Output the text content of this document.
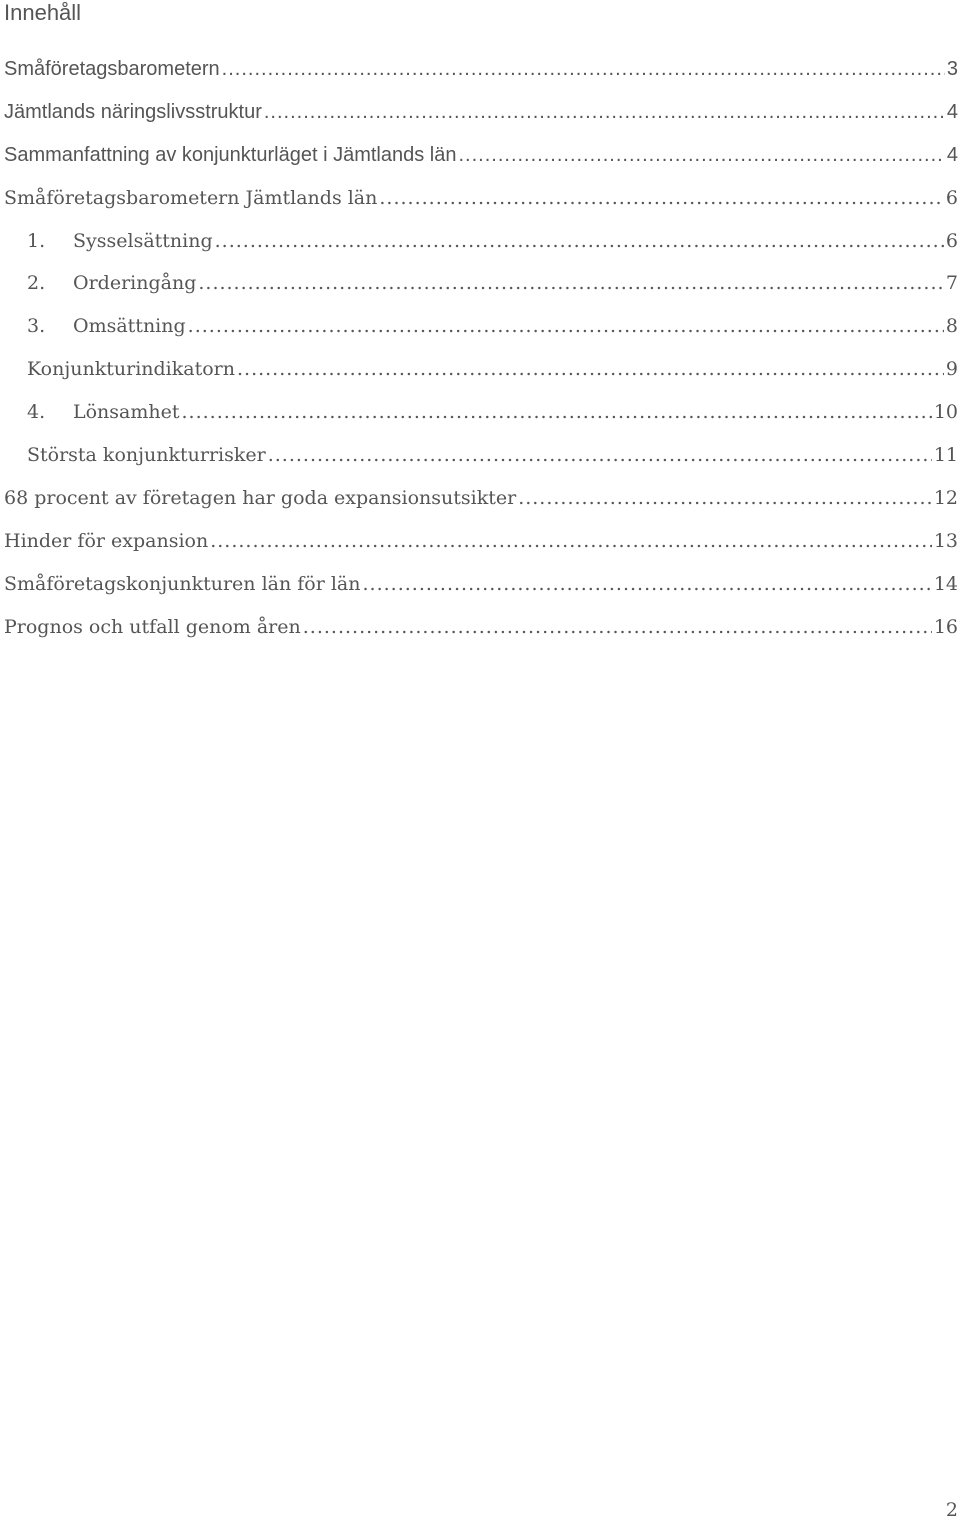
Innehåll
Småföretagsbarometern .....	3
Jämtlands näringslivsstruktur .....	4
Sammanfattning av konjunkturläget i Jämtlands län .....	4
Småföretagsbarometern Jämtlands län .....	6
1.	Sysselsättning .....	6
2.	Orderingång .....	7
3.	Omsättning .....	8
Konjunkturindikatorn .....	9
4.	Lönsamhet .....	10
Största konjunkturrisker .....	11
68 procent av företagen har goda expansionsutsikter .....	12
Hinder för expansion .....	13
Småföretagskonjunkturen län för län .....	14
Prognos och utfall genom åren .....	16
2
